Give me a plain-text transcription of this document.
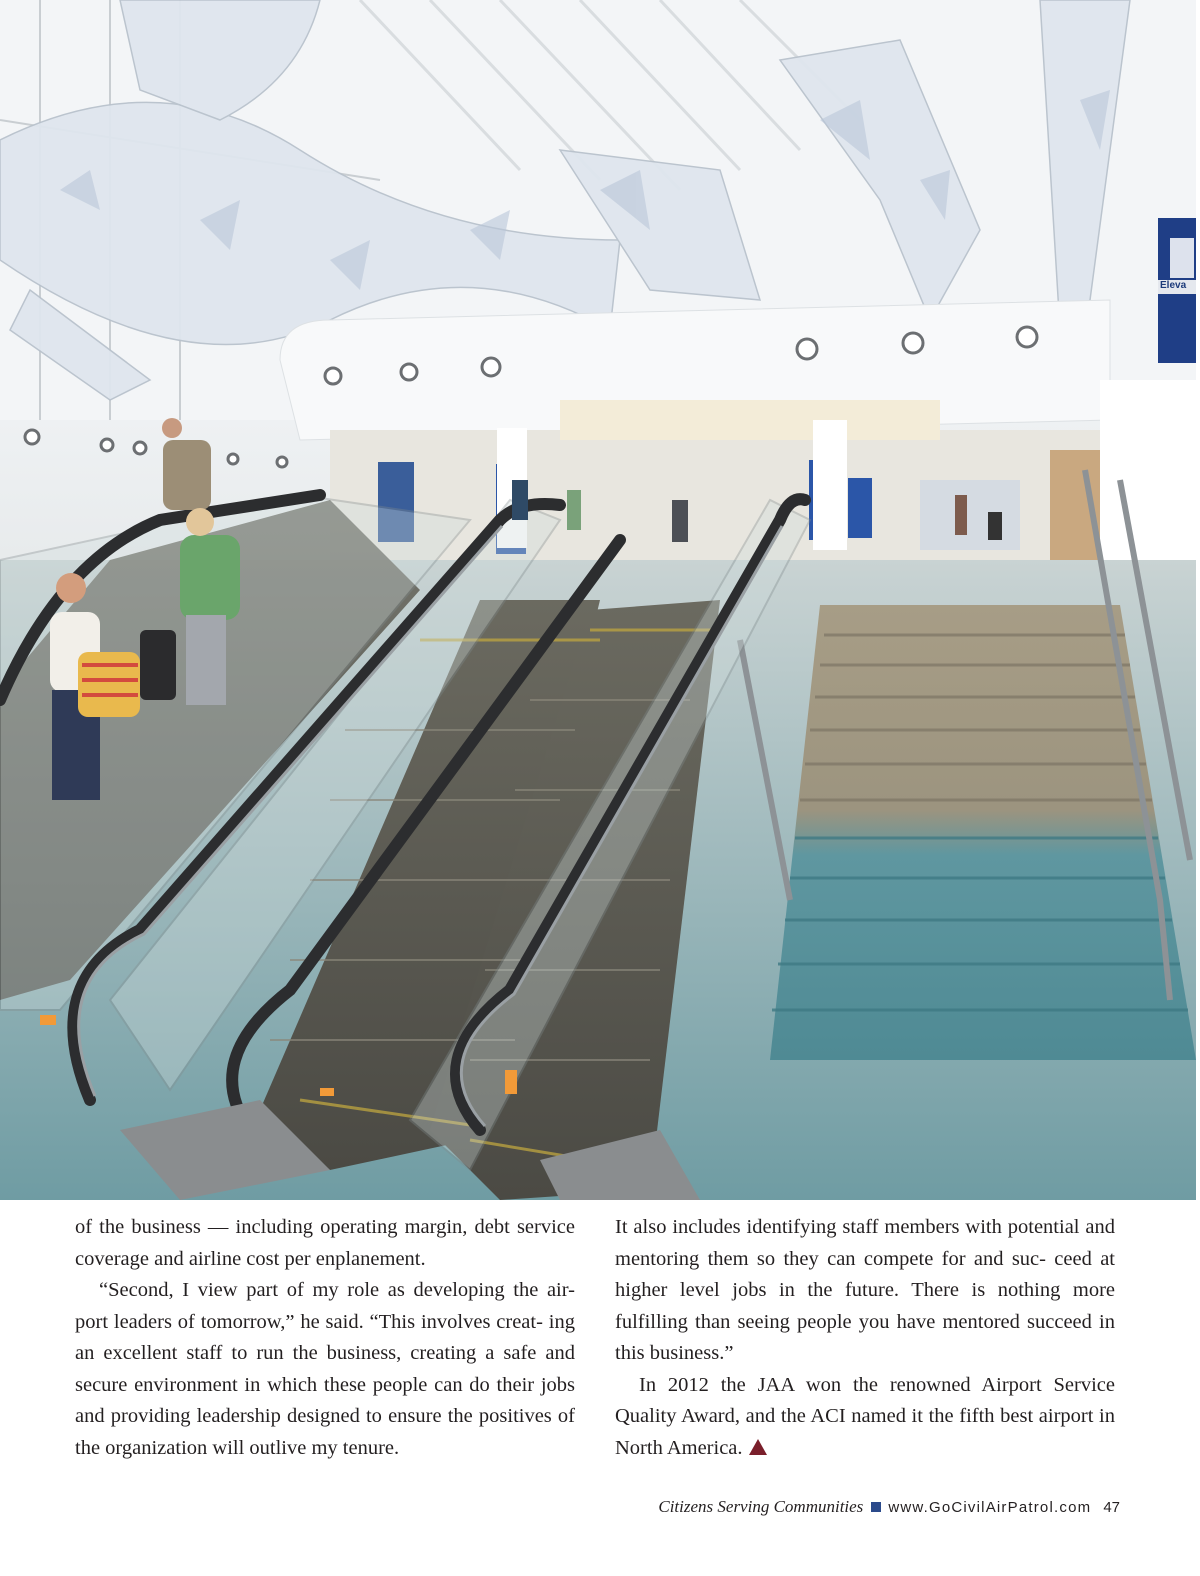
Eleva

of the business — including operating margin, debt service coverage and airline cost per enplanement.

“Second, I view part of my role as developing the air- port leaders of tomorrow,” he said. “This involves creat- ing an excellent staff to run the business, creating a safe and secure environment in which these people can do their jobs and providing leadership designed to ensure the positives of the organization will outlive my tenure.

It also includes identifying staff members with potential and mentoring them so they can compete for and suc- ceed at higher level jobs in the future. There is nothing more fulfilling than seeing people you have mentored succeed in this business.”

In 2012 the JAA won the renowned Airport Service Quality Award, and the ACI named it the fifth best airport in North America.

Citizens Serving Communities www.GoCivilAirPatrol.com 47
